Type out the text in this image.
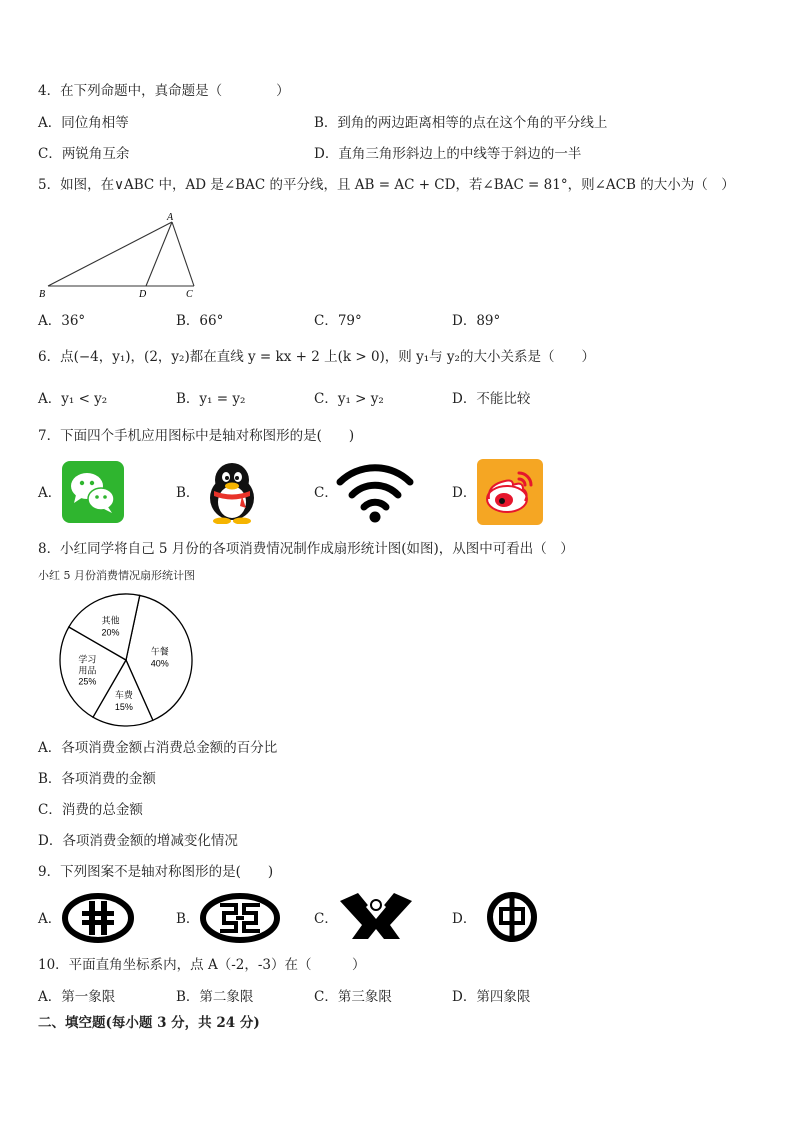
4．在下列命题中，真命题是（　　　　）
A．同位角相等	B．到角的两边距离相等的点在这个角的平分线上
C．两锐角互余	D．直角三角形斜边上的中线等于斜边的一半
5．如图，在∨ABC 中，AD 是∠BAC 的平分线，且 AB = AC + CD，若∠BAC = 81°，则∠ACB 的大小为（　）
A
B	D	C
A．36°	B．66°	C．79°	D．89°
6．点(−4，y₁)，(2，y₂)都在直线 y = kx + 2 上(k > 0)，则 y₁与 y₂的大小关系是（　　）
A．y₁ < y₂	B．y₁ = y₂	C．y₁ > y₂	D．不能比较
7．下面四个手机应用图标中是轴对称图形的是(　　)
A．	B．	C．	D．
8．小红同学将自己 5 月份的各项消费情况制作成扇形统计图(如图)，从图中可看出（　）
小红 5 月份消费情况扇形统计图
午餐
40%
车费
15%
学习
用品
25%
其他
20%
A．各项消费金额占消费总金额的百分比
B．各项消费的金额
C．消费的总金额
D．各项消费金额的增减变化情况
9．下列图案不是轴对称图形的是(　　)
A．	B．	C．	D．
10．平面直角坐标系内，点 A（-2，-3）在（　　　）
A．第一象限	B．第二象限	C．第三象限	D．第四象限
二、填空题(每小题 3 分，共 24 分)
